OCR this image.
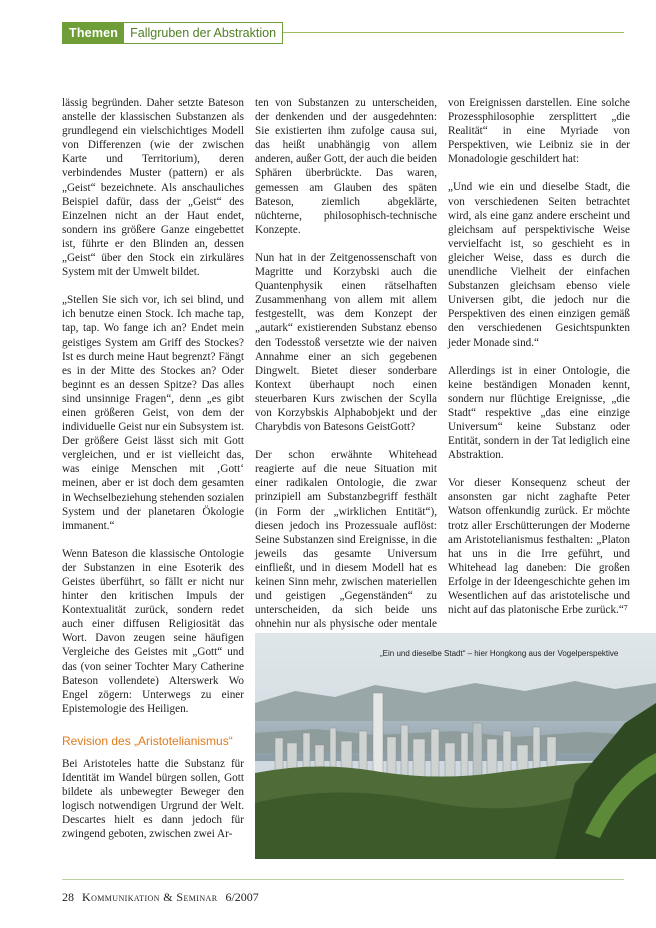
Themen Fallgruben der Abstraktion

lässig begründen. Daher setzte Bateson anstelle der klassischen Substanzen als grundlegend ein vielschichtiges Modell von Differenzen (wie der zwischen Karte und Territorium), deren verbindendes Muster (pattern) er als „Geist“ bezeichnete. Als anschauliches Beispiel dafür, dass der „Geist“ des Einzelnen nicht an der Haut endet, sondern ins größere Ganze eingebettet ist, führte er den Blinden an, dessen „Geist“ über den Stock ein zirkuläres System mit der Umwelt bildet.

„Stellen Sie sich vor, ich sei blind, und ich benutze einen Stock. Ich mache tap, tap, tap. Wo fange ich an? Endet mein geistiges System am Griff des Stockes? Ist es durch meine Haut begrenzt? Fängt es in der Mitte des Stockes an? Oder beginnt es an dessen Spitze? Das alles sind unsinnige Fragen“, denn „es gibt einen größeren Geist, von dem der individuelle Geist nur ein Subsystem ist. Der größere Geist lässt sich mit Gott vergleichen, und er ist vielleicht das, was einige Menschen mit ‚Gott‘ meinen, aber er ist doch dem gesamten in Wechselbeziehung stehenden sozialen System und der planetaren Ökologie immanent.“

Wenn Bateson die klassische Ontologie der Substanzen in eine Esoterik des Geistes überführt, so fällt er nicht nur hinter den kritischen Impuls der Kontextualität zurück, sondern redet auch einer diffusen Religiosität das Wort. Davon zeugen seine häufigen Vergleiche des Geistes mit „Gott“ und das (von seiner Tochter Mary Catherine Bateson vollendete) Alterswerk Wo Engel zögern: Unterwegs zu einer Epistemologie des Heiligen.

Revision des „Aristotelianismus“

Bei Aristoteles hatte die Substanz für Identität im Wandel bürgen sollen, Gott bildete als unbewegter Beweger den logisch notwendigen Urgrund der Welt. Descartes hielt es dann jedoch für zwingend geboten, zwischen zwei Ar-

ten von Substanzen zu unterscheiden, der denkenden und der ausgedehnten: Sie existierten ihm zufolge causa sui, das heißt unabhängig von allem anderen, außer Gott, der auch die beiden Sphären überbrückte. Das waren, gemessen am Glauben des späten Bateson, ziemlich abgeklärte, nüchterne, philosophisch-technische Konzepte.

Nun hat in der Zeitgenossenschaft von Magritte und Korzybski auch die Quantenphysik einen rätselhaften Zusammenhang von allem mit allem festgestellt, was dem Konzept der „autark“ existierenden Substanz ebenso den Todesstoß versetzte wie der naiven Annahme einer an sich gegebenen Dingwelt. Bietet dieser sonderbare Kontext überhaupt noch einen steuerbaren Kurs zwischen der Scylla von Korzybskis Alphabobjekt und der Charybdis von Batesons GeistGott?

Der schon erwähnte Whitehead reagierte auf die neue Situation mit einer radikalen Ontologie, die zwar prinzipiell am Substanzbegriff festhält (in Form der „wirklichen Entität“), diesen jedoch ins Prozessuale auflöst: Seine Substanzen sind Ereignisse, in die jeweils das gesamte Universum einfließt, und in diesem Modell hat es keinen Sinn mehr, zwischen materiellen und geistigen „Gegenständen“ zu unterscheiden, da sich beide uns ohnehin nur als physische oder mentale

von Ereignissen darstellen. Eine solche Prozessphilosophie zersplittert „die Realität“ in eine Myriade von Perspektiven, wie Leibniz sie in der Monadologie geschildert hat:

„Und wie ein und dieselbe Stadt, die von verschiedenen Seiten betrachtet wird, als eine ganz andere erscheint und gleichsam auf perspektivische Weise vervielfacht ist, so geschieht es in gleicher Weise, dass es durch die unendliche Vielheit der einfachen Substanzen gleichsam ebenso viele Universen gibt, die jedoch nur die Perspektiven des einen einzigen gemäß den verschiedenen Gesichtspunkten jeder Monade sind.“

Allerdings ist in einer Ontologie, die keine beständigen Monaden kennt, sondern nur flüchtige Ereignisse, „die Stadt“ respektive „das eine einzige Universum“ keine Substanz oder Entität, sondern in der Tat lediglich eine Abstraktion.

Vor dieser Konsequenz scheut der ansonsten gar nicht zaghafte Peter Watson offenkundig zurück. Er möchte trotz aller Erschütterungen der Moderne am Aristotelianismus festhalten: „Platon hat uns in die Irre geführt, und Whitehead lag daneben: Die großen Erfolge in der Ideengeschichte gehen im Wesentlichen auf das aristotelische und nicht auf das platonische Erbe zurück.“⁷

„Ein und dieselbe Stadt“ – hier Hongkong aus der Vogelperspektive
28 Kommunikation & Seminar 6/2007
